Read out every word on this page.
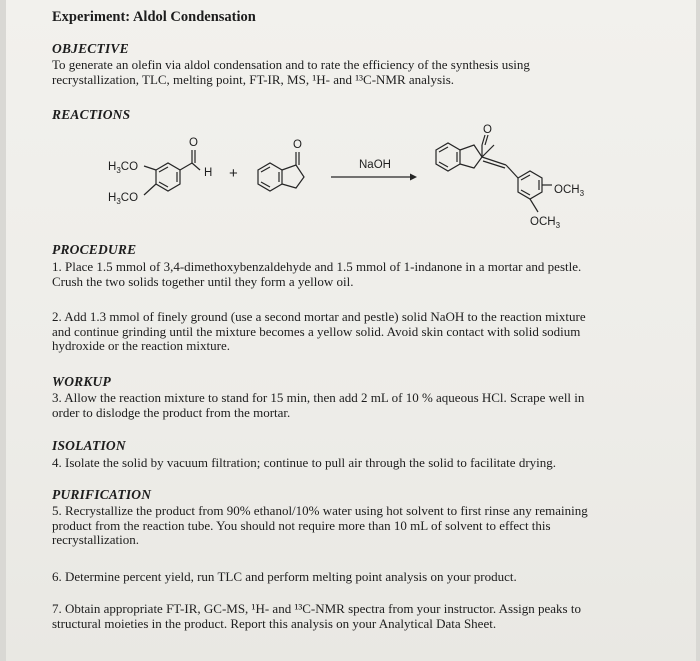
Experiment: Aldol Condensation
OBJECTIVE
To generate an olefin via aldol condensation and to rate the efficiency of the synthesis using
recrystallization, TLC, melting point, FT-IR, MS, ¹H- and ¹³C-NMR analysis.
REACTIONS
O
H
$H_3CO$
$H_3CO$
+
O
NaOH
O
$OCH_3$
$OCH_3$
PROCEDURE
1. Place 1.5 mmol of 3,4-dimethoxybenzaldehyde and 1.5 mmol of 1-indanone in a mortar and pestle.
Crush the two solids together until they form a yellow oil.
2. Add 1.3 mmol of finely ground (use a second mortar and pestle) solid NaOH to the reaction mixture
and continue grinding until the mixture becomes a yellow solid. Avoid skin contact with solid sodium
hydroxide or the reaction mixture.
WORKUP
3. Allow the reaction mixture to stand for 15 min, then add 2 mL of 10 % aqueous HCl. Scrape well in
order to dislodge the product from the mortar.
ISOLATION
4. Isolate the solid by vacuum filtration; continue to pull air through the solid to facilitate drying.
PURIFICATION
5. Recrystallize the product from 90% ethanol/10% water using hot solvent to first rinse any remaining
product from the reaction tube. You should not require more than 10 mL of solvent to effect this
recrystallization.
6. Determine percent yield, run TLC and perform melting point analysis on your product.
7. Obtain appropriate FT-IR, GC-MS, ¹H- and ¹³C-NMR spectra from your instructor. Assign peaks to
structural moieties in the product. Report this analysis on your Analytical Data Sheet.
